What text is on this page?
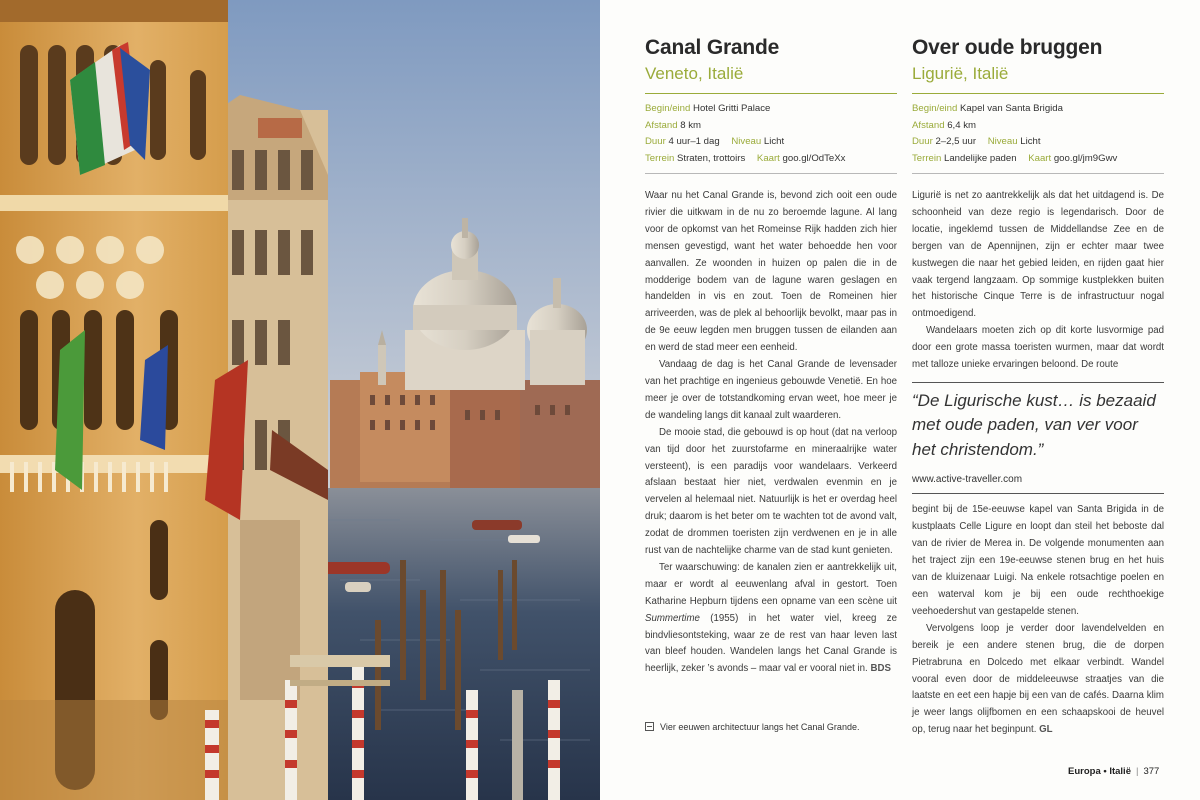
Canal Grande
Veneto, Italië
Begin/eind Hotel Gritti Palace
Afstand 8 km
Duur 4 uur–1 dag Niveau Licht
Terrein Straten, trottoirs Kaart goo.gl/OdTeXx

Waar nu het Canal Grande is, bevond zich ooit een oude rivier die uitkwam in de nu zo beroemde lagune. Al lang voor de opkomst van het Romeinse Rijk hadden zich hier mensen gevestigd, want het water behoedde hen voor aanvallen. Ze woonden in huizen op palen die in de modderige bodem van de lagune waren geslagen en handelden in vis en zout. Toen de Romeinen hier arriveerden, was de plek al behoorlijk bevolkt, maar pas in de 9e eeuw legden men bruggen tussen de eilanden aan en werd de stad meer een eenheid.

Vandaag de dag is het Canal Grande de levensader van het prachtige en ingenieus gebouwde Venetië. En hoe meer je over de totstandkoming ervan weet, hoe meer je de wandeling langs dit kanaal zult waarderen.

De mooie stad, die gebouwd is op hout (dat na verloop van tijd door het zuurstofarme en mineraalrijke water versteent), is een paradijs voor wandelaars. Verkeerd afslaan bestaat hier niet, verdwalen evenmin en je vervelen al helemaal niet. Natuurlijk is het er overdag heel druk; daarom is het beter om te wachten tot de avond valt, zodat de drommen toeristen zijn verdwenen en je in alle rust van de nachtelijke charme van de stad kunt genieten.

Ter waarschuwing: de kanalen zien er aantrekkelijk uit, maar er wordt al eeuwenlang afval in gestort. Toen Katharine Hepburn tijdens een opname van een scène uit Summertime (1955) in het water viel, kreeg ze bindvliesontsteking, waar ze de rest van haar leven last van bleef houden. Wandelen langs het Canal Grande is heerlijk, zeker ’s avonds – maar val er vooral niet in. BDS

Vier eeuwen architectuur langs het Canal Grande.
Over oude bruggen
Liguriё, Italië
Begin/eind Kapel van Santa Brigida
Afstand 6,4 km
Duur 2–2,5 uur Niveau Licht
Terrein Landelijke paden Kaart goo.gl/jm9Gwv

Liguriё is net zo aantrekkelijk als dat het uitdagend is. De schoonheid van deze regio is legendarisch. Door de locatie, ingeklemd tussen de Middellandse Zee en de bergen van de Apennijnen, zijn er echter maar twee kustwegen die naar het gebied leiden, en rijden gaat hier vaak tergend langzaam. Op sommige kustplekken buiten het historische Cinque Terre is de infrastructuur nogal ontmoedigend.

Wandelaars moeten zich op dit korte lusvormige pad door een grote massa toeristen wurmen, maar dat wordt met talloze unieke ervaringen beloond. De route

“De Ligurische kust… is bezaaid met oude paden, van ver voor het christendom.”
www.active-traveller.com

begint bij de 15e-eeuwse kapel van Santa Brigida in de kustplaats Celle Ligure en loopt dan steil het beboste dal van de rivier de Merea in. De volgende monumenten aan het traject zijn een 19e-eeuwse stenen brug en het huis van de kluizenaar Luigi. Na enkele rotsachtige poelen en een waterval kom je bij een oude rechthoekige veehoedershut van gestapelde stenen.

Vervolgens loop je verder door lavendelvelden en bereik je een andere stenen brug, die de dorpen Pietrabruna en Dolcedo met elkaar verbindt. Wandel vooral even door de middeleeuwse straatjes van die laatste en eet een hapje bij een van de cafés. Daarna klim je weer langs olijfbomen en een schaapskooi de heuvel op, terug naar het beginpunt. GL

Europa • Italië | 377
